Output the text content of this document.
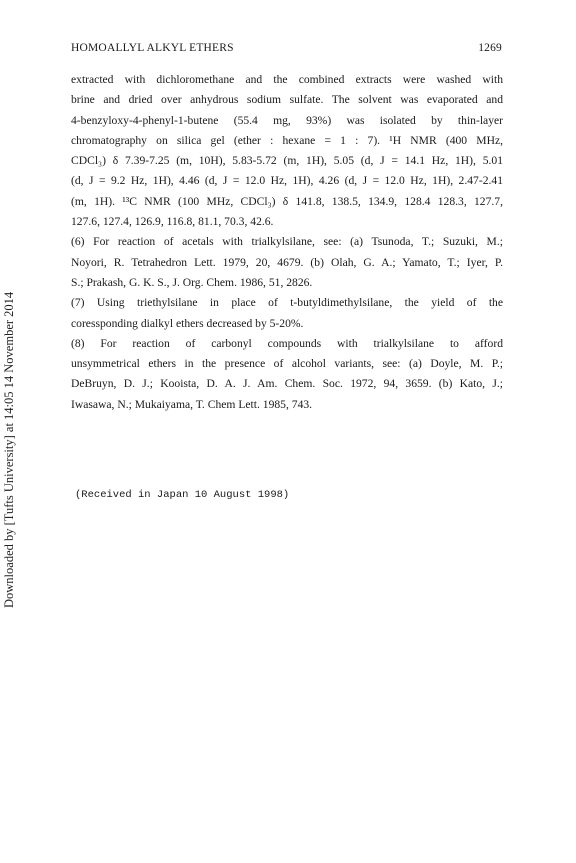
HOMOALLYL ALKYL ETHERS	1269
extracted with dichloromethane and the combined extracts were washed with
brine and dried over anhydrous sodium sulfate. The solvent was evaporated and
4-benzyloxy-4-phenyl-1-butene (55.4 mg, 93%) was isolated by thin-layer
chromatography on silica gel (ether : hexane = 1 : 7). ¹H NMR (400 MHz,
CDCl₃) δ 7.39-7.25 (m, 10H), 5.83-5.72 (m, 1H), 5.05 (d, J = 14.1 Hz, 1H), 5.01
(d, J = 9.2 Hz, 1H), 4.46 (d, J = 12.0 Hz, 1H), 4.26 (d, J = 12.0 Hz, 1H), 2.47-2.41
(m, 1H). ¹³C NMR (100 MHz, CDCl₃) δ 141.8, 138.5, 134.9, 128.4 128.3, 127.7,
127.6, 127.4, 126.9, 116.8, 81.1, 70.3, 42.6.
(6) For reaction of acetals with trialkylsilane, see: (a) Tsunoda, T.; Suzuki, M.;
Noyori, R. Tetrahedron Lett. 1979, 20, 4679. (b) Olah, G. A.; Yamato, T.; Iyer, P.
S.; Prakash, G. K. S., J. Org. Chem. 1986, 51, 2826.
(7) Using triethylsilane in place of t-butyldimethylsilane, the yield of the
coressponding dialkyl ethers decreased by 5-20%.
(8) For reaction of carbonyl compounds with trialkylsilane to afford
unsymmetrical ethers in the presence of alcohol variants, see: (a) Doyle, M. P.;
DeBruyn, D. J.; Kooista, D. A. J. Am. Chem. Soc. 1972, 94, 3659. (b) Kato, J.;
Iwasawa, N.; Mukaiyama, T. Chem Lett. 1985, 743.
(Received in Japan 10 August 1998)
Downloaded by [Tufts University] at 14:05 14 November 2014
